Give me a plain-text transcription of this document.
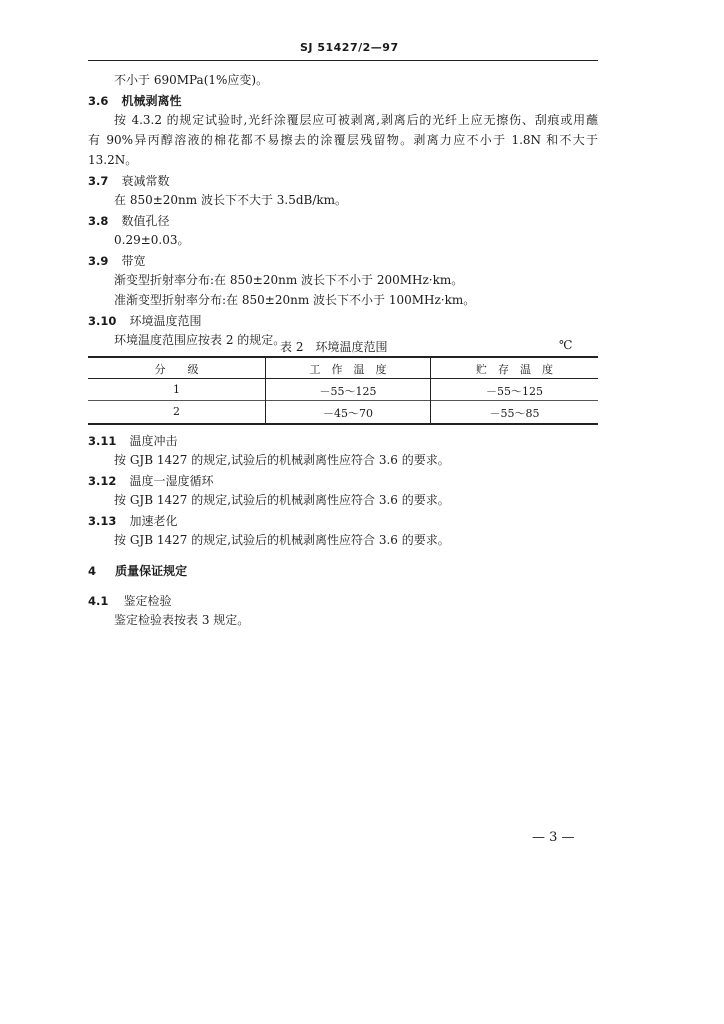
SJ 51427/2—97
不小于 690MPa(1%应变)。
3.6 机械剥离性
按 4.3.2 的规定试验时,光纤涂覆层应可被剥离,剥离后的光纤上应无擦伤、刮痕或用蘸
有 90%异丙醇溶液的棉花都不易擦去的涂覆层残留物。剥离力应不小于 1.8N 和不大于
13.2N。
3.7 衰减常数
在 850±20nm 波长下不大于 3.5dB/km。
3.8 数值孔径
0.29±0.03。
3.9 带宽
渐变型折射率分布:在 850±20nm 波长下不小于 200MHz·km。
准渐变型折射率分布:在 850±20nm 波长下不小于 100MHz·km。
3.10 环境温度范围
环境温度范围应按表 2 的规定。
表 2　环境温度范围	℃
分　　级	工　作　温　度	贮　存　温　度
1	－55～125	－55～125
2	－45～70	－55～85
3.11 温度冲击
按 GJB 1427 的规定,试验后的机械剥离性应符合 3.6 的要求。
3.12 温度一湿度循环
按 GJB 1427 的规定,试验后的机械剥离性应符合 3.6 的要求。
3.13 加速老化
按 GJB 1427 的规定,试验后的机械剥离性应符合 3.6 的要求。
4 质量保证规定
4.1 鉴定检验
鉴定检验表按表 3 规定。
— 3 —
